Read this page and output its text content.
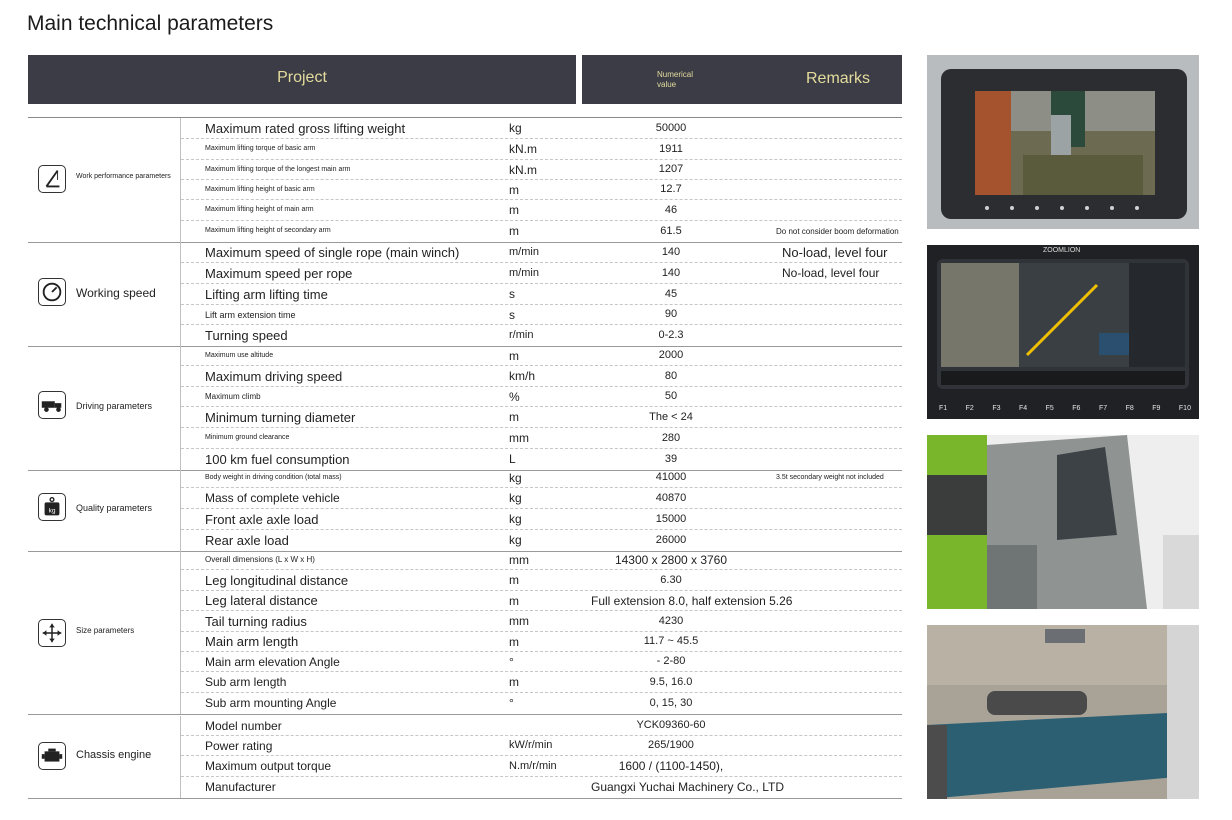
Main technical parameters
Project	Numerical value	Remarks
Work performance parameters
Maximum rated gross lifting weight	kg	50000
Maximum lifting torque of basic arm	kN.m	1911
Maximum lifting torque of the longest main arm	kN.m	1207
Maximum lifting height of basic arm	m	12.7
Maximum lifting height of main arm	m	46
Maximum lifting height of secondary arm	m	61.5	Do not consider boom deformation
Working speed
Maximum speed of single rope (main winch)	m/min	140	No-load, level four
Maximum speed per rope	m/min	140	No-load, level four
Lifting arm lifting time	s	45
Lift arm extension time	s	90
Turning speed	r/min	0-2.3
Driving parameters
Maximum use altitude	m	2000
Maximum driving speed	km/h	80
Maximum climb	%	50
Minimum turning diameter	m	The < 24
Minimum ground clearance	mm	280
100 km fuel consumption	L	39
kg Quality parameters
Body weight in driving condition (total mass)	kg	41000	3.5t secondary weight not included
Mass of complete vehicle	kg	40870
Front axle axle load	kg	15000
Rear axle load	kg	26000
Size parameters
Overall dimensions (L x W x H)	mm	14300 x 2800 x 3760
Leg longitudinal distance	m	6.30
Leg lateral distance	m	Full extension 8.0, half extension 5.26
Tail turning radius	mm	4230
Main arm length	m	11.7 ~ 45.5
Main arm elevation Angle	°	- 2-80
Sub arm length	m	9.5, 16.0
Sub arm mounting Angle	°	0, 15, 30
Chassis engine
Model number	YCK09360-60
Power rating	kW/r/min	265/1900
Maximum output torque	N.m/r/min	1600 / (1100-1450),
Manufacturer	Guangxi Yuchai Machinery Co., LTD
ZOOMLION
F1	F2	F3	F4	F5	F6	F7	F8	F9	F10
